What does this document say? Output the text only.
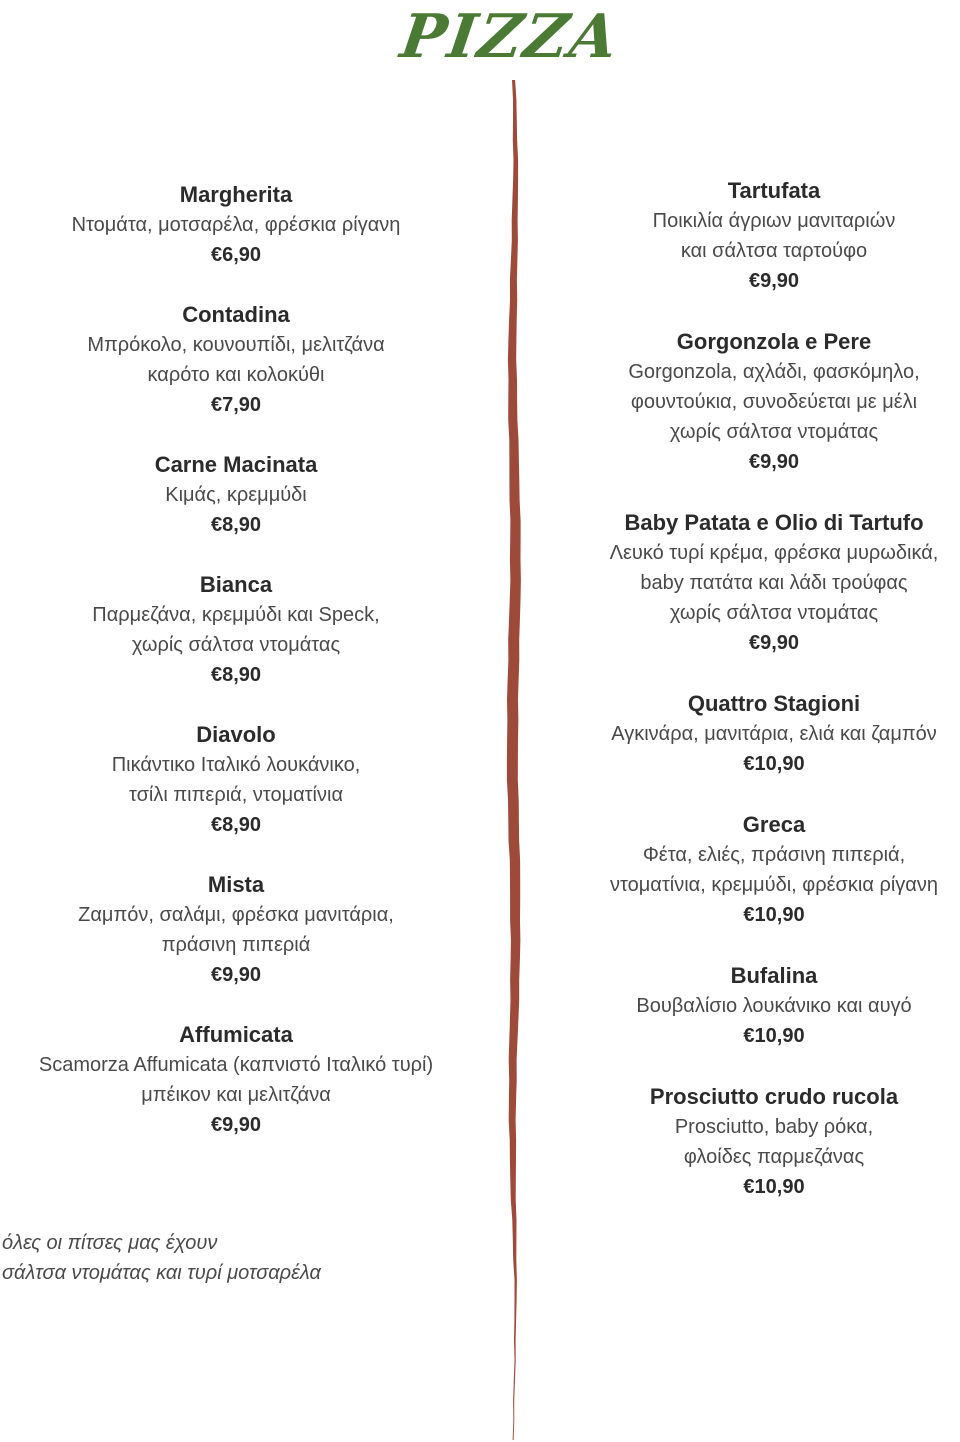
PIZZA
Margherita
Ντομάτα, μοτσαρέλα, φρέσκια ρίγανη
€6,90
Contadina
Μπρόκολο, κουνουπίδι, μελιτζάνα
καρότο και κολοκύθι
€7,90
Carne Macinata
Κιμάς, κρεμμύδι
€8,90
Bianca
Παρμεζάνα, κρεμμύδι και Speck,
χωρίς σάλτσα ντομάτας
€8,90
Diavolo
Πικάντικο Ιταλικό λουκάνικο,
τσίλι πιπεριά, ντοματίνια
€8,90
Mista
Ζαμπόν, σαλάμι, φρέσκα μανιτάρια,
πράσινη πιπεριά
€9,90
Affumicata
Scamorza Affumicata (καπνιστό Ιταλικό τυρί)
μπέικον και μελιτζάνα
€9,90
Tartufata
Ποικιλία άγριων μανιταριών
και σάλτσα ταρτούφο
€9,90
Gorgonzola e Pere
Gorgonzola, αχλάδι, φασκόμηλο,
φουντούκια, συνοδεύεται με μέλι
χωρίς σάλτσα ντομάτας
€9,90
Baby Patata e Olio di Tartufo
Λευκό τυρί κρέμα, φρέσκα μυρωδικά,
baby πατάτα και λάδι τρούφας
χωρίς σάλτσα ντομάτας
€9,90
Quattro Stagioni
Αγκινάρα, μανιτάρια, ελιά και ζαμπόν
€10,90
Greca
Φέτα, ελιές, πράσινη πιπεριά,
ντοματίνια, κρεμμύδι, φρέσκια ρίγανη
€10,90
Bufalina
Βουβαλίσιο λουκάνικο και αυγό
€10,90
Prosciutto crudo rucola
Prosciutto, baby ρόκα,
φλοίδες παρμεζάνας
€10,90
όλες οι πίτσες μας έχουν
σάλτσα ντομάτας και τυρί μοτσαρέλα
